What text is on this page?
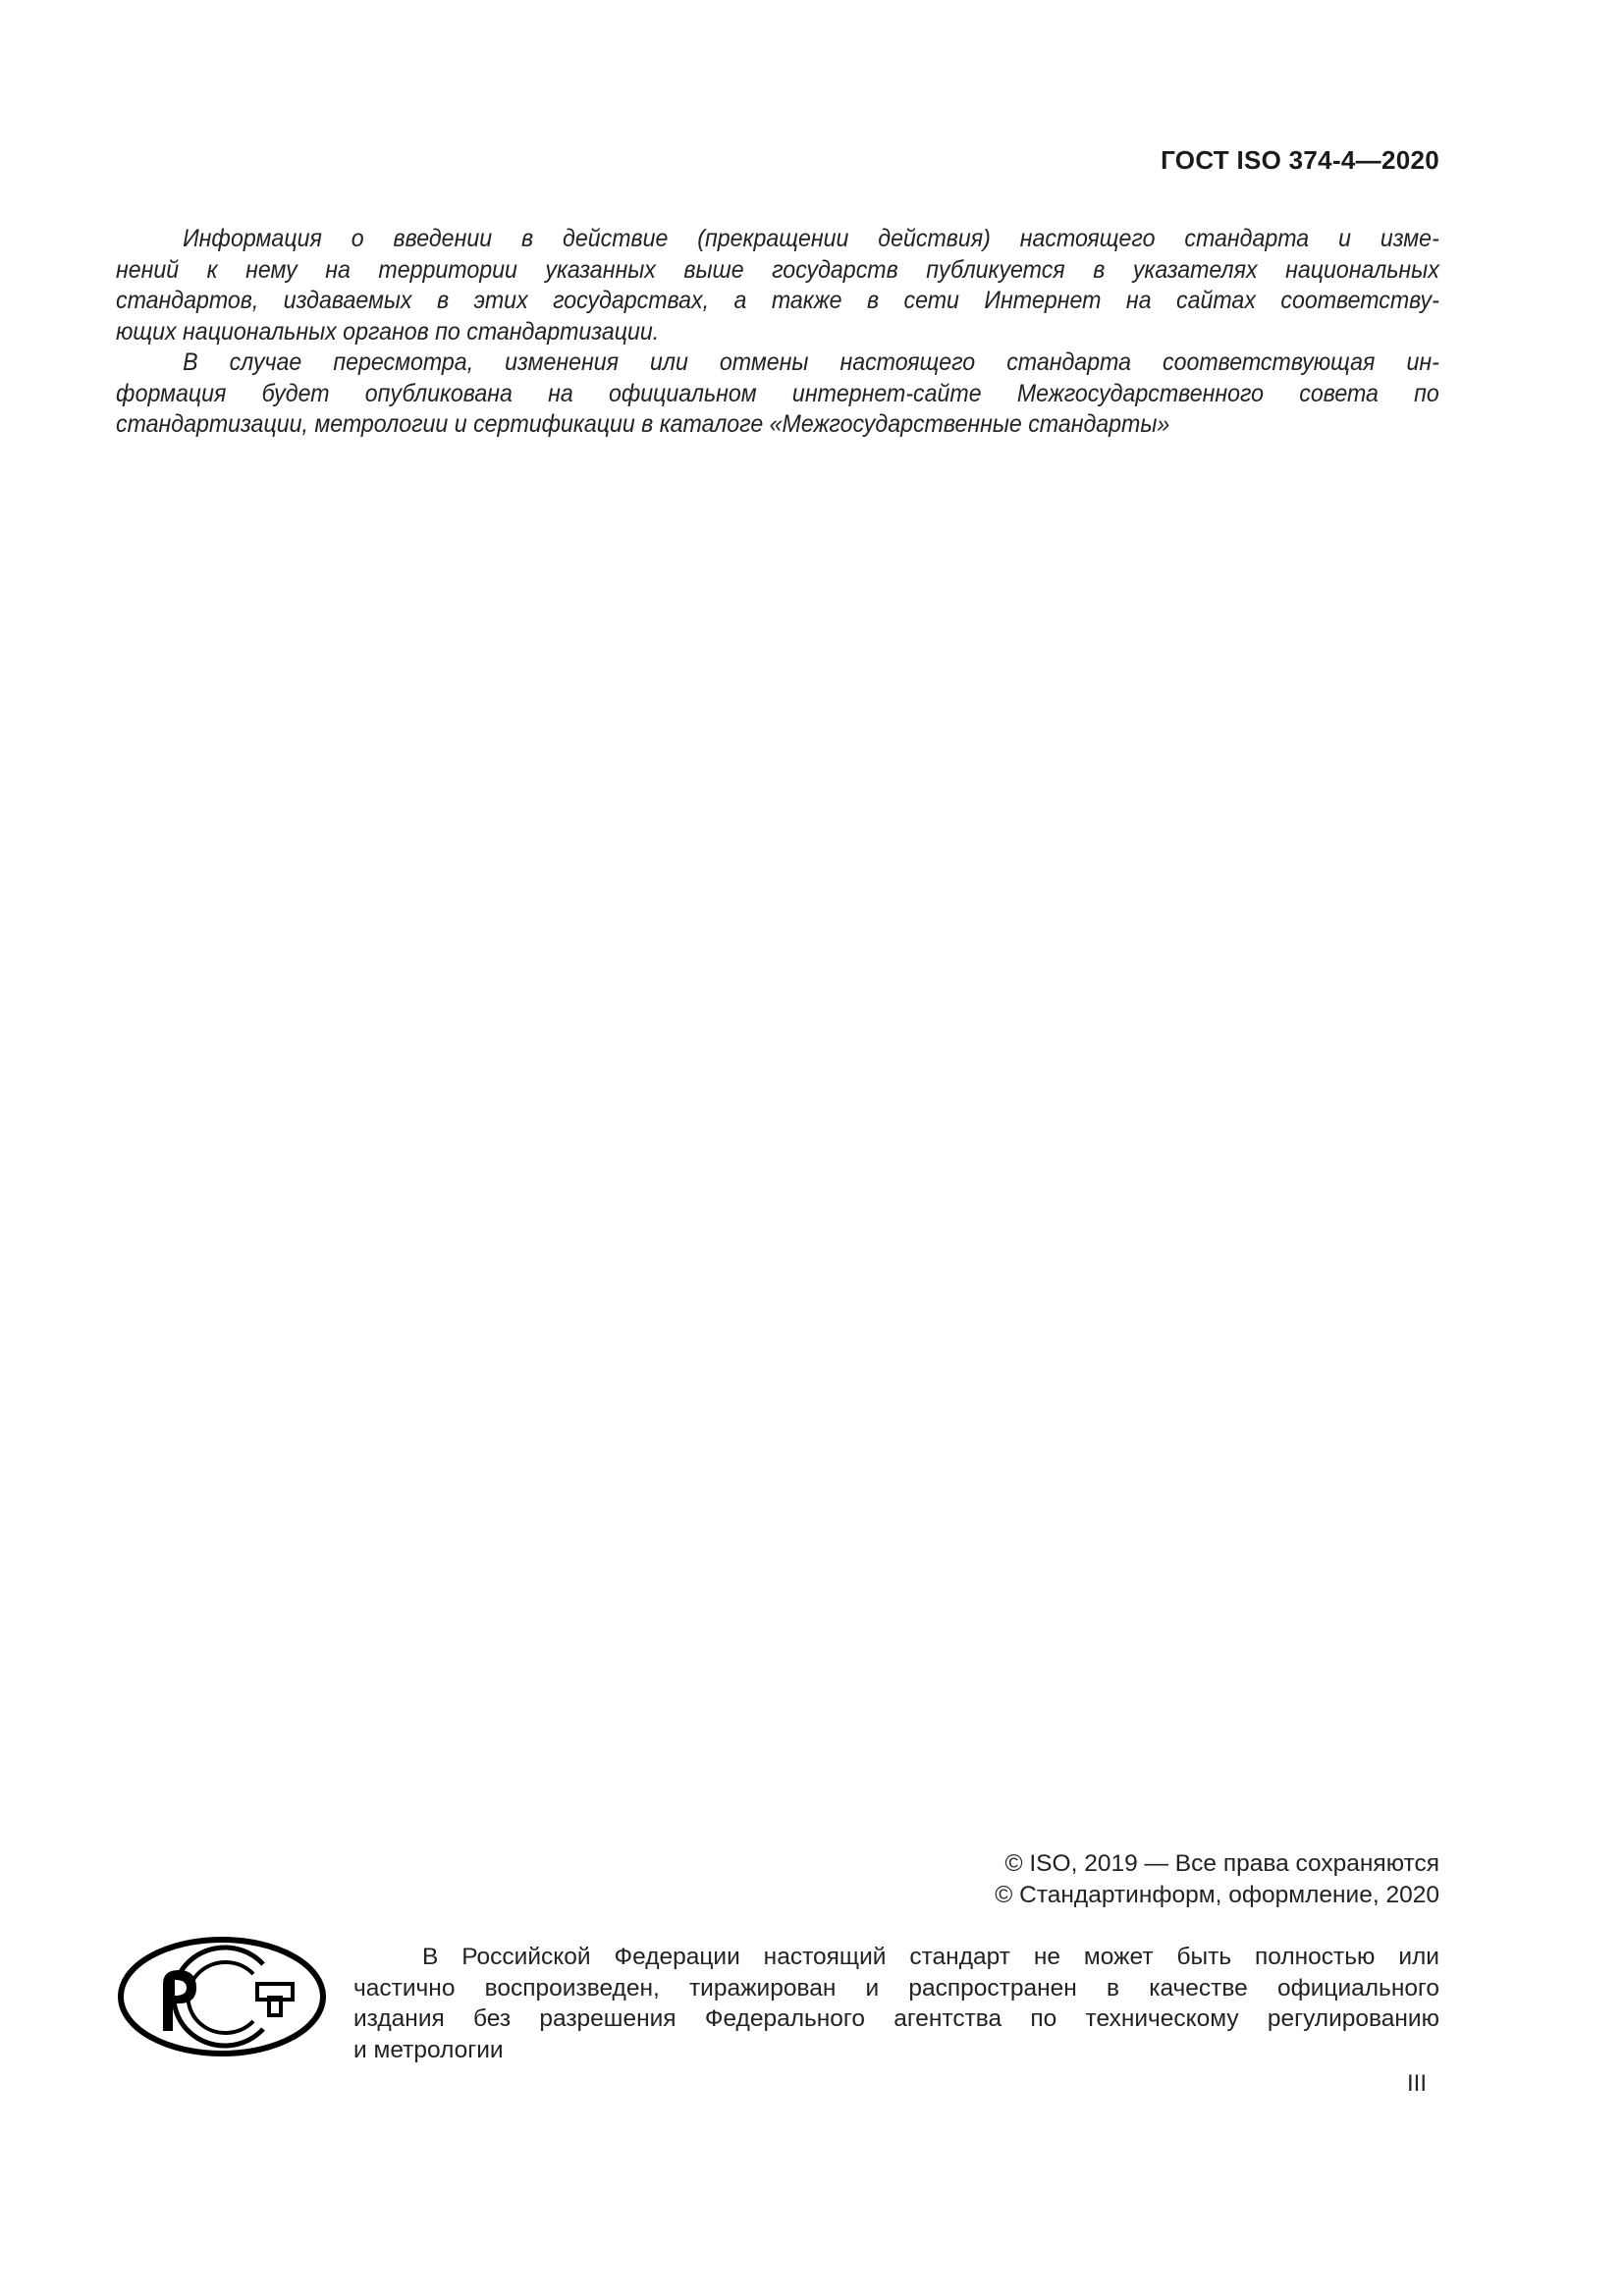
ГОСТ ISO 374-4—2020
Информация о введении в действие (прекращении действия) настоящего стандарта и изме-
нений к нему на территории указанных выше государств публикуется в указателях национальных
стандартов, издаваемых в этих государствах, а также в сети Интернет на сайтах соответству-
ющих национальных органов по стандартизации.
В случае пересмотра, изменения или отмены настоящего стандарта соответствующая ин-
формация будет опубликована на официальном интернет-сайте Межгосударственного совета по
стандартизации, метрологии и сертификации в каталоге «Межгосударственные стандарты»
© ISO, 2019 — Все права сохраняются
© Стандартинформ, оформление, 2020
В Российской Федерации настоящий стандарт не может быть полностью или
частично воспроизведен, тиражирован и распространен в качестве официального
издания без разрешения Федерального агентства по техническому регулированию
и метрологии
III
